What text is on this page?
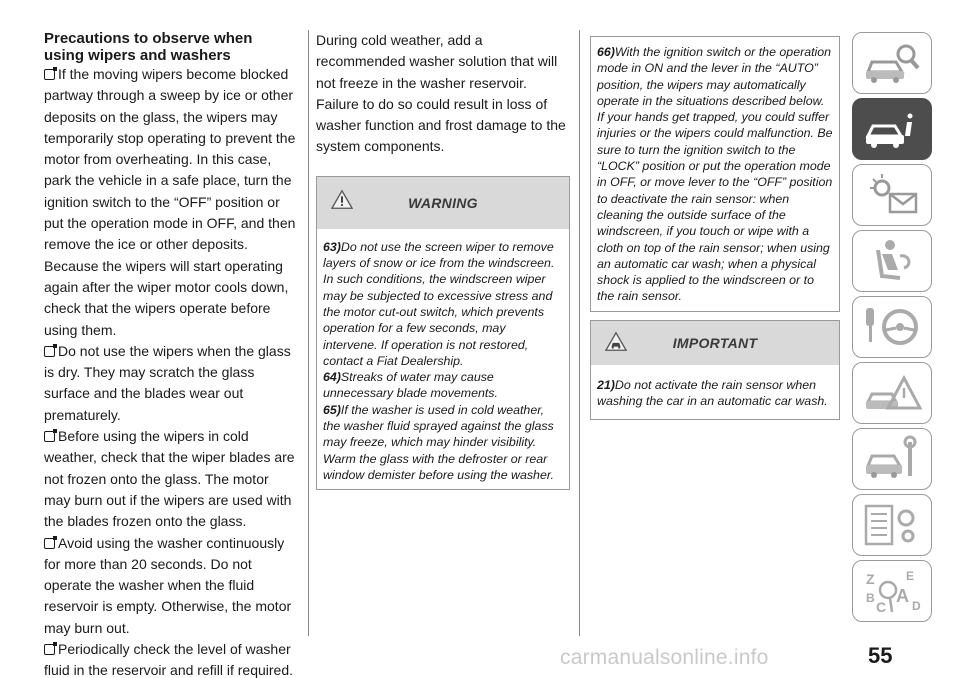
Precautions to observe when using wipers and washers
If the moving wipers become blocked partway through a sweep by ice or other deposits on the glass, the wipers may temporarily stop operating to prevent the motor from overheating. In this case, park the vehicle in a safe place, turn the ignition switch to the “OFF” position or put the operation mode in OFF, and then remove the ice or other deposits. Because the wipers will start operating again after the wiper motor cools down, check that the wipers operate before using them.
Do not use the wipers when the glass is dry. They may scratch the glass surface and the blades wear out prematurely.
Before using the wipers in cold weather, check that the wiper blades are not frozen onto the glass. The motor may burn out if the wipers are used with the blades frozen onto the glass.
Avoid using the washer continuously for more than 20 seconds. Do not operate the washer when the fluid reservoir is empty. Otherwise, the motor may burn out.
Periodically check the level of washer fluid in the reservoir and refill if required.
During cold weather, add a recommended washer solution that will not freeze in the washer reservoir. Failure to do so could result in loss of washer function and frost damage to the system components.
WARNING
63)Do not use the screen wiper to remove layers of snow or ice from the windscreen. In such conditions, the windscreen wiper may be subjected to excessive stress and the motor cut-out switch, which prevents operation for a few seconds, may intervene. If operation is not restored, contact a Fiat Dealership.
64)Streaks of water may cause unnecessary blade movements.
65)If the washer is used in cold weather, the washer fluid sprayed against the glass may freeze, which may hinder visibility. Warm the glass with the defroster or rear window demister before using the washer.
66)With the ignition switch or the operation mode in ON and the lever in the “AUTO” position, the wipers may automatically operate in the situations described below. If your hands get trapped, you could suffer injuries or the wipers could malfunction. Be sure to turn the ignition switch to the “LOCK” position or put the operation mode in OFF, or move lever to the “OFF” position to deactivate the rain sensor: when cleaning the outside surface of the windscreen, if you touch or wipe with a cloth on top of the rain sensor; when using an automatic car wash; when a physical shock is applied to the windscreen or to the rain sensor.
IMPORTANT
21)Do not activate the rain sensor when washing the car in an automatic car wash.
Z	E
B
C
A D
55
carmanualsonline.info
